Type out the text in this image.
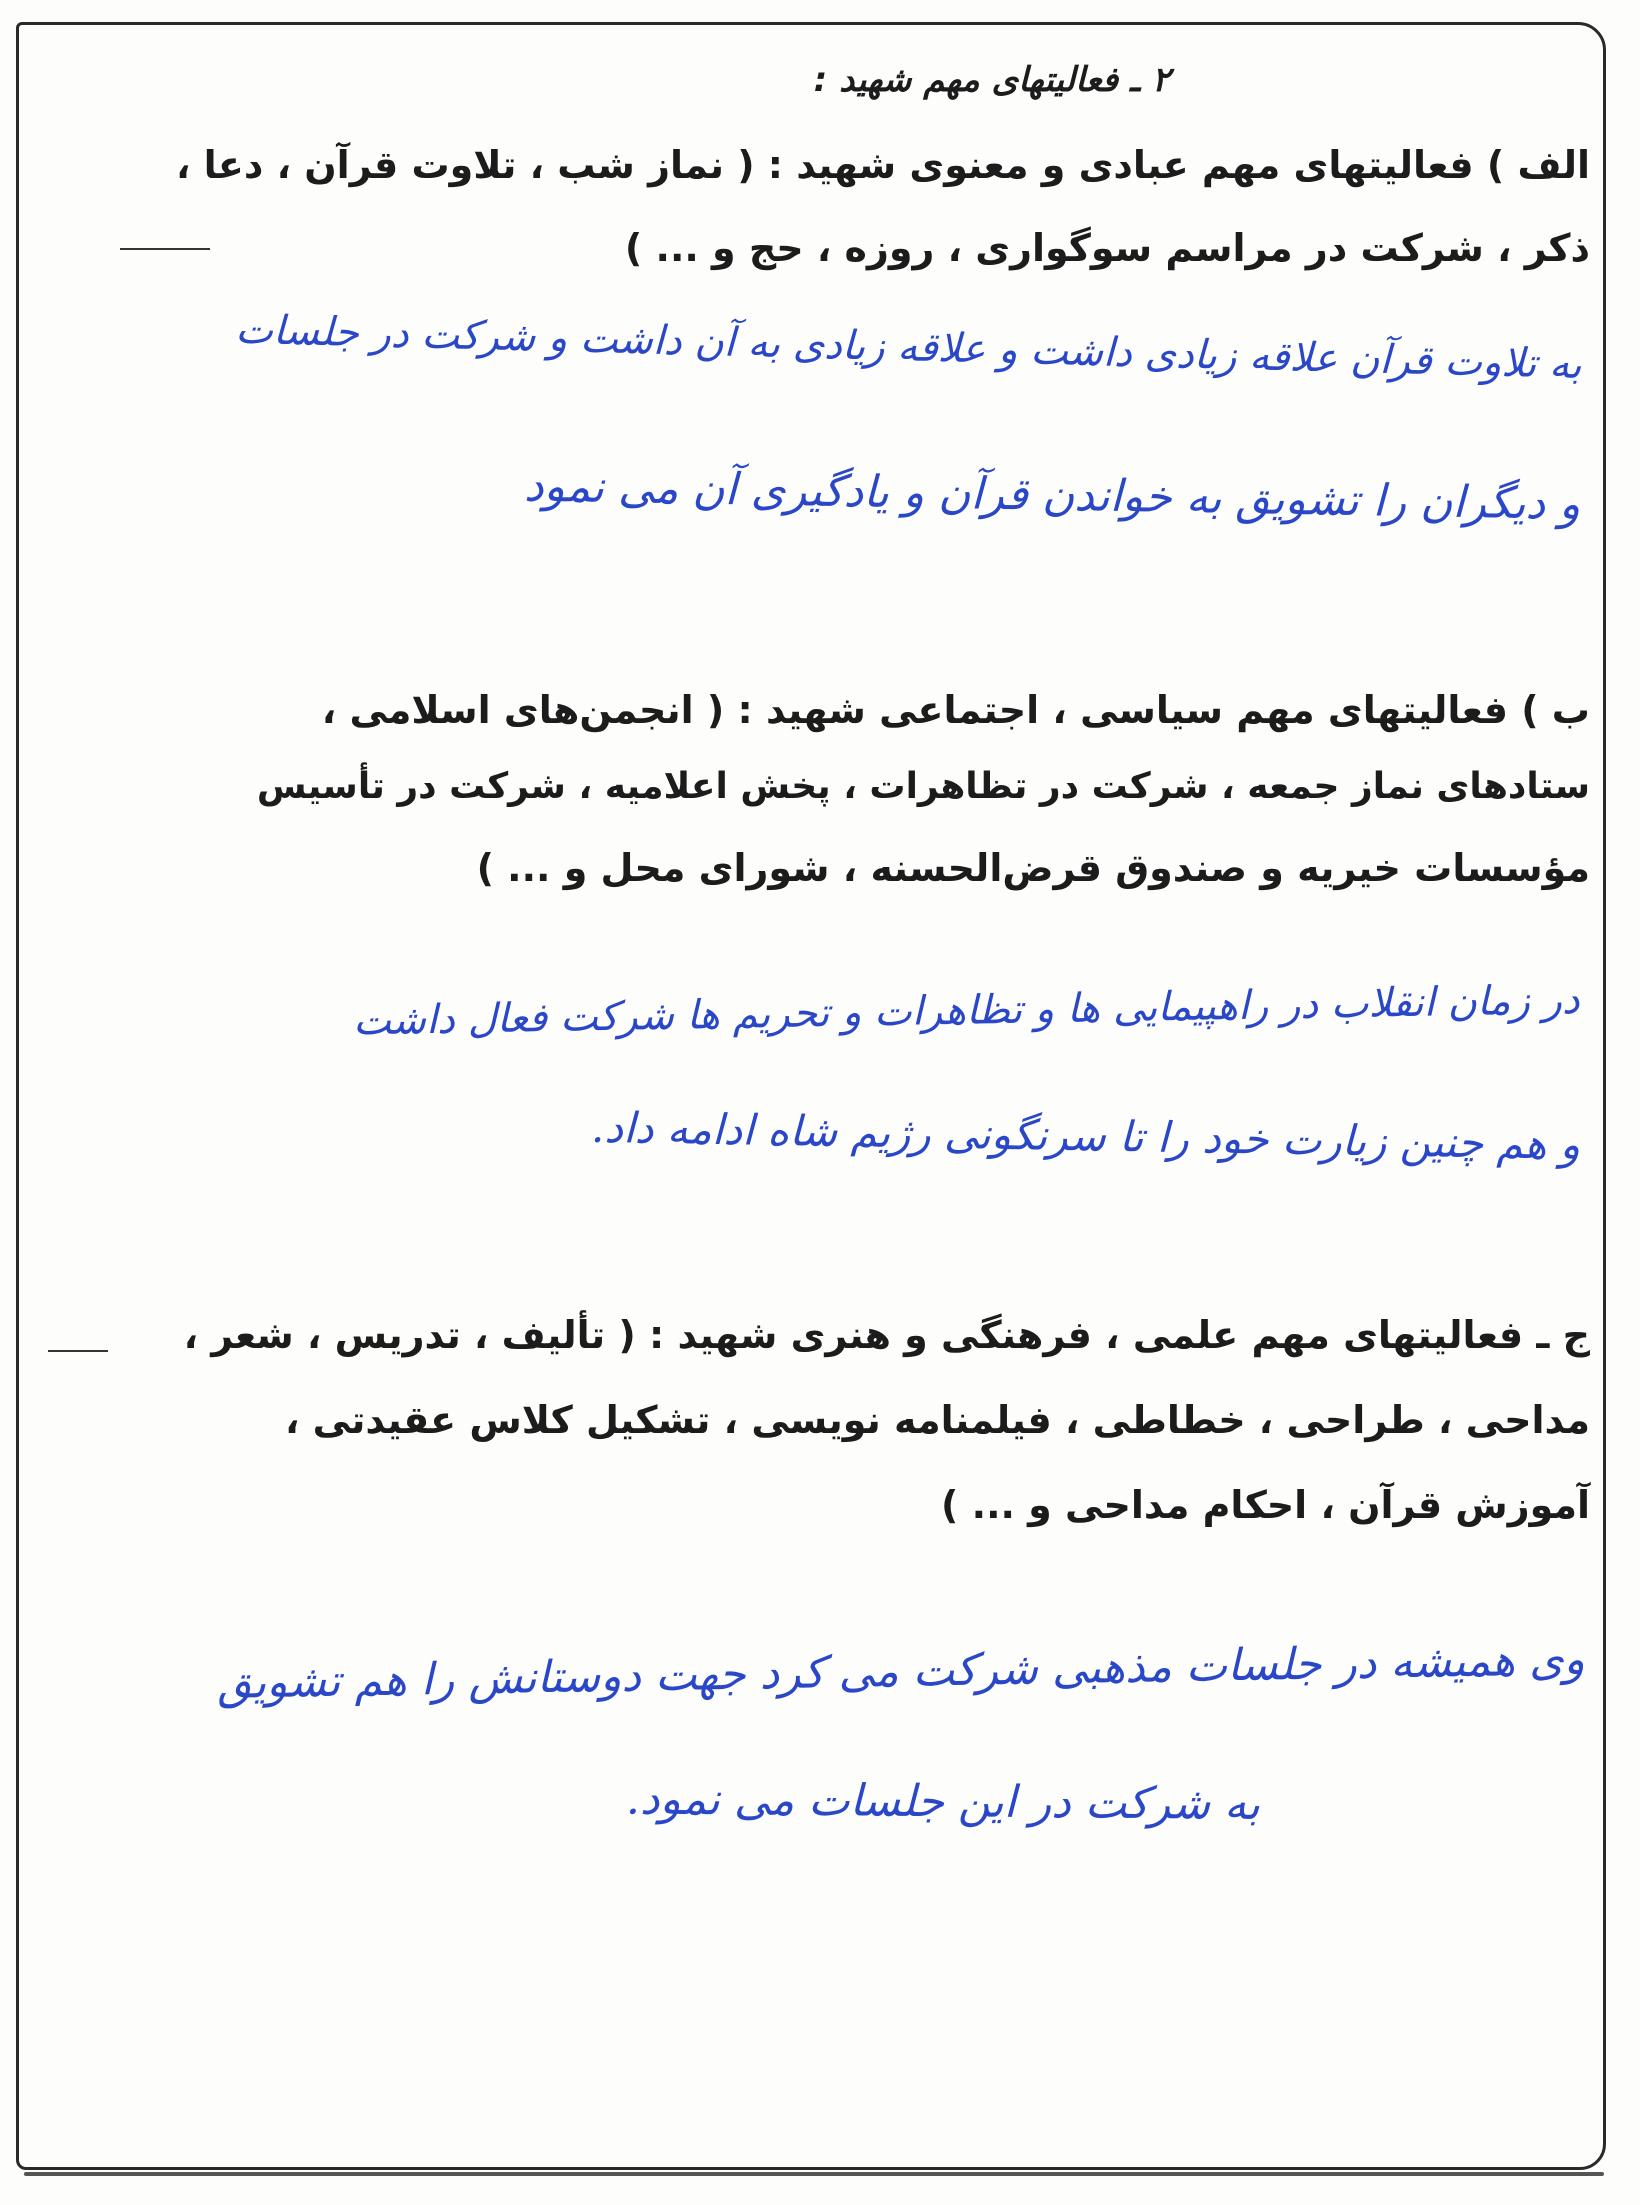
۲ ـ فعالیتهای مهم شهید :
الف ) فعالیتهای مهم عبادی و معنوی شهید : ( نماز شب ، تلاوت قرآن ، دعا ،
ذکر ، شرکت در مراسم سوگواری ، روزه ، حج و ... )
به تلاوت قرآن علاقه زیادی داشت و علاقه زیادی به آن داشت و شرکت در جلسات
و دیگران را تشویق به خواندن قرآن و یادگیری آن می نمود
ب ) فعالیتهای مهم سیاسی ، اجتماعی شهید : ( انجمن‌های اسلامی ،
ستادهای نماز جمعه ، شرکت در تظاهرات ، پخش اعلامیه ، شرکت در تأسیس
مؤسسات خیریه و صندوق قرض‌الحسنه ، شورای محل و ... )
در زمان انقلاب در راهپیمایی ها و تظاهرات و تحریم ها شرکت فعال داشت
و هم چنین زیارت خود را تا سرنگونی رژیم شاه ادامه داد.
ج ـ فعالیتهای مهم علمی ، فرهنگی و هنری شهید : ( تألیف ، تدریس ، شعر ،
مداحی ، طراحی ، خطاطی ، فیلمنامه نویسی ، تشکیل کلاس عقیدتی ،
آموزش قرآن ، احکام مداحی و ... )
وی همیشه در جلسات مذهبی شرکت می کرد جهت دوستانش را هم تشویق
به شرکت در این جلسات می نمود.
